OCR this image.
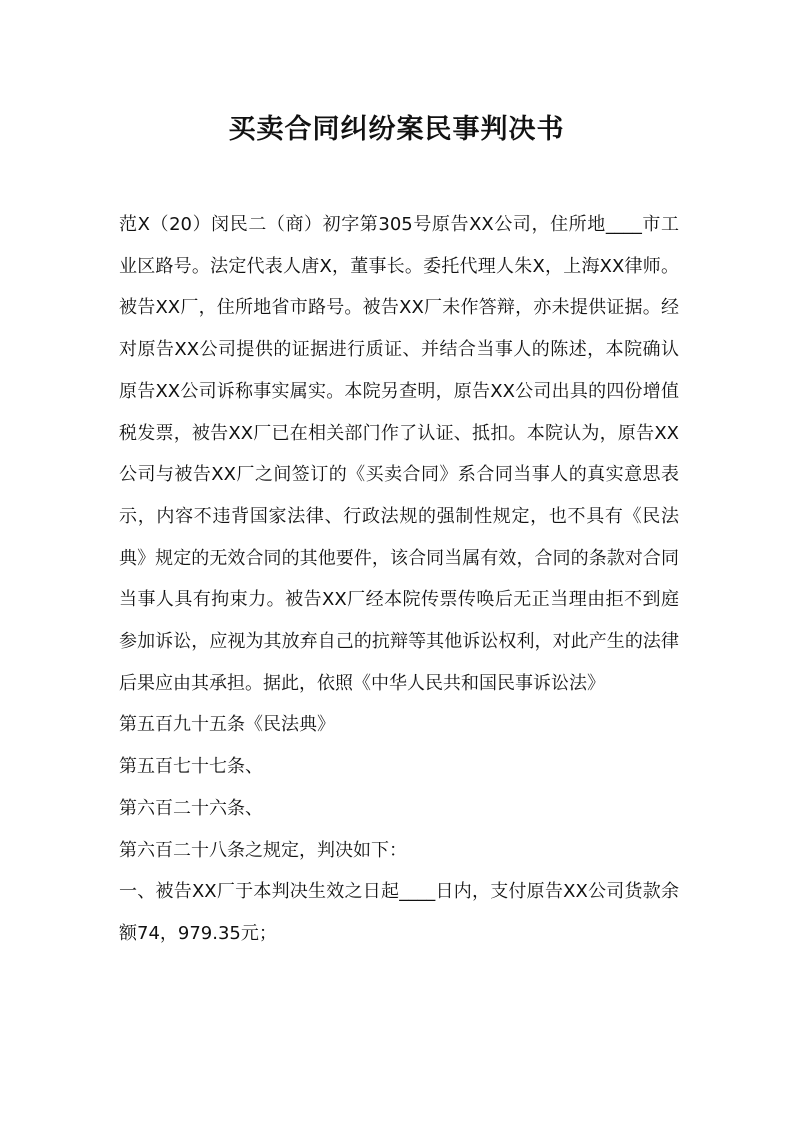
买卖合同纠纷案民事判决书

范X（20）闵民二（商）初字第305号原告XX公司，住所地____市工业区路号。法定代表人唐X，董事长。委托代理人朱X，上海XX律师。被告XX厂，住所地省市路号。被告XX厂未作答辩，亦未提供证据。经对原告XX公司提供的证据进行质证、并结合当事人的陈述，本院确认原告XX公司诉称事实属实。本院另查明，原告XX公司出具的四份增值税发票，被告XX厂已在相关部门作了认证、抵扣。本院认为，原告XX公司与被告XX厂之间签订的《买卖合同》系合同当事人的真实意思表示，内容不违背国家法律、行政法规的强制性规定，也不具有《民法典》规定的无效合同的其他要件，该合同当属有效，合同的条款对合同当事人具有拘束力。被告XX厂经本院传票传唤后无正当理由拒不到庭参加诉讼，应视为其放弃自己的抗辩等其他诉讼权利，对此产生的法律后果应由其承担。据此，依照《中华人民共和国民事诉讼法》

第五百九十五条《民法典》

第五百七十七条、

第六百二十六条、

第六百二十八条之规定，判决如下：

一、被告XX厂于本判决生效之日起____日内，支付原告XX公司货款余额74，979.35元；
